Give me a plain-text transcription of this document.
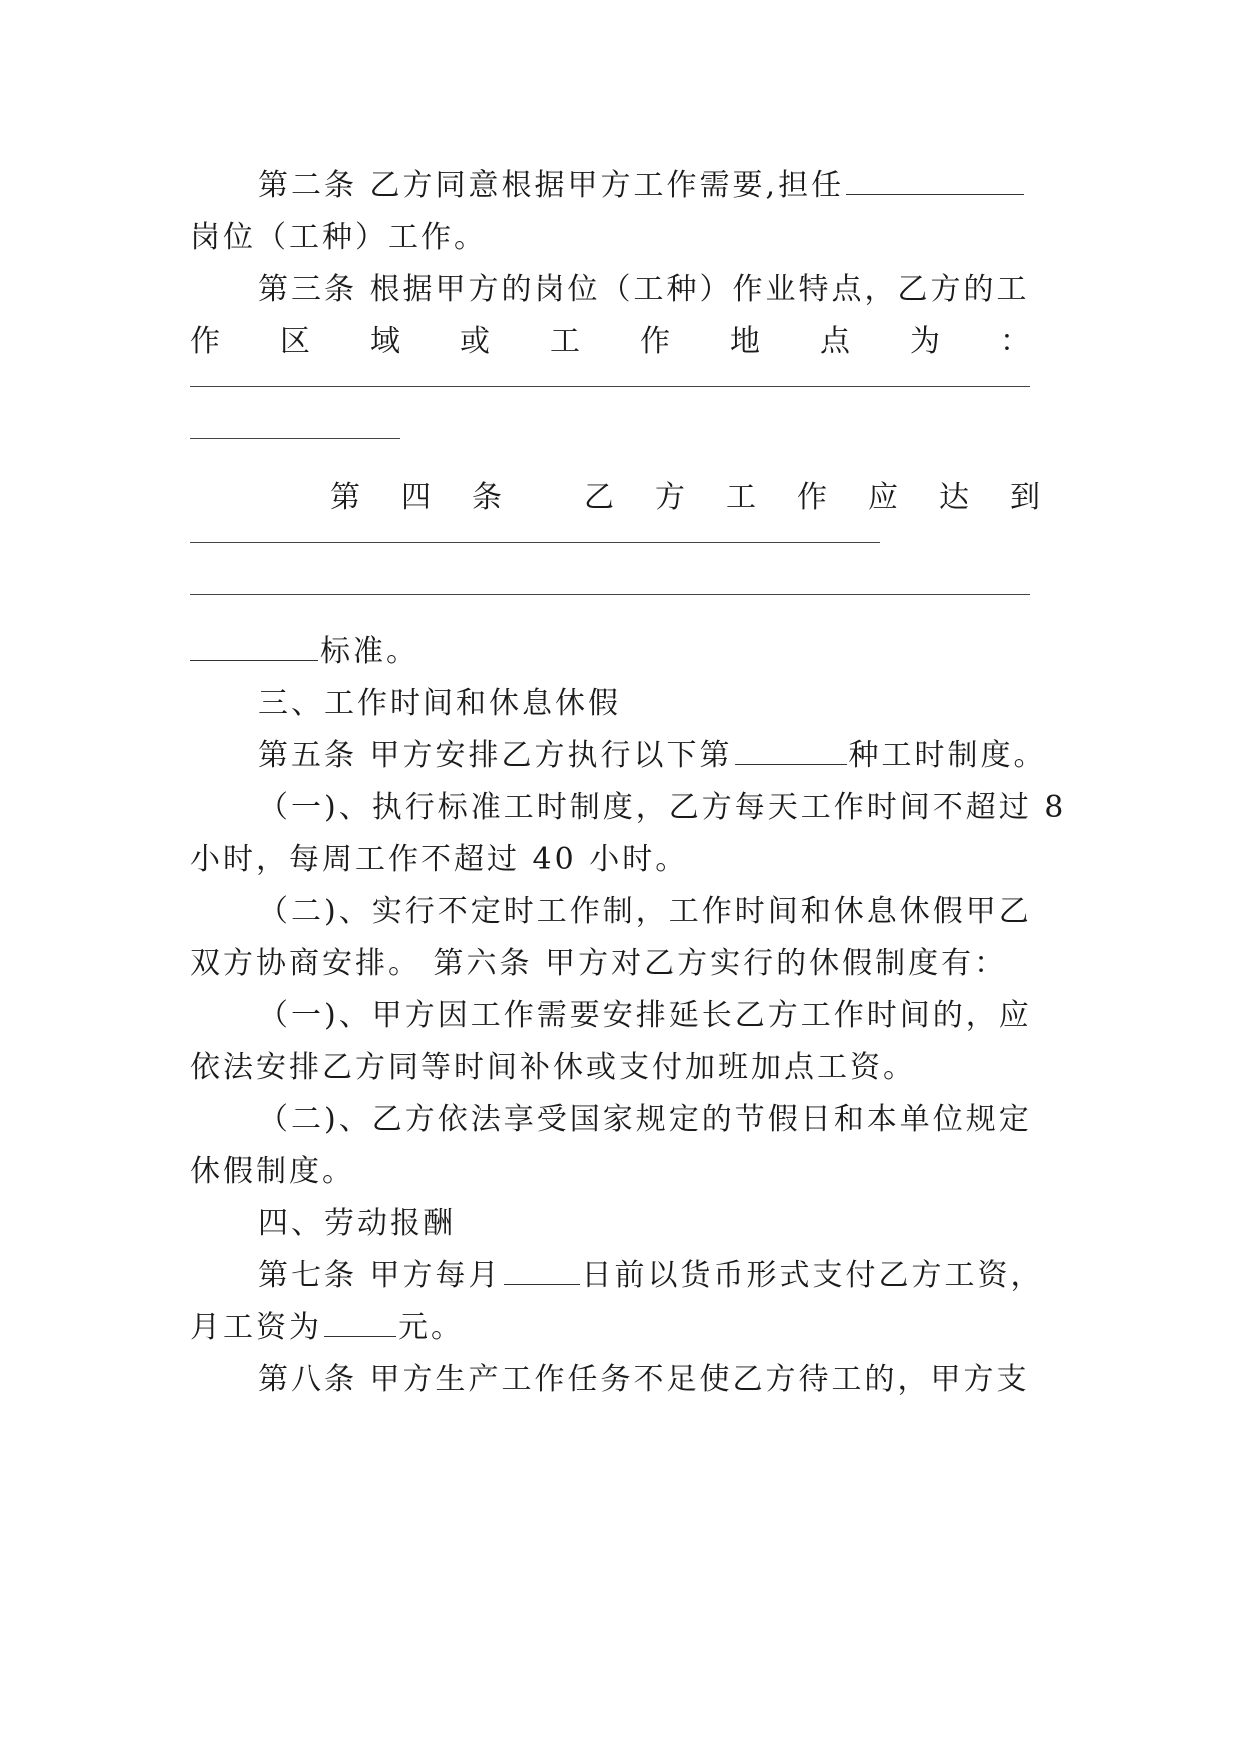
第二条 乙方同意根据甲方工作需要,担任
岗位（工种）工作。
第三条 根据甲方的岗位（工种）作业特点，乙方的工
作 区 域 或 工 作 地 点 为 ：
第 四 条	乙 方 工 作 应 达 到
标准。
三、工作时间和休息休假
第五条 甲方安排乙方执行以下第	种工时制度。
（一)、执行标准工时制度，乙方每天工作时间不超过 8
小时，每周工作不超过 40 小时。
（二)、实行不定时工作制，工作时间和休息休假甲乙
双方协商安排。 第六条 甲方对乙方实行的休假制度有：
（一)、甲方因工作需要安排延长乙方工作时间的，应
依法安排乙方同等时间补休或支付加班加点工资。
（二)、乙方依法享受国家规定的节假日和本单位规定
休假制度。
四、劳动报酬
第七条 甲方每月	日前以货币形式支付乙方工资，
月工资为	元。
第八条 甲方生产工作任务不足使乙方待工的，甲方支
